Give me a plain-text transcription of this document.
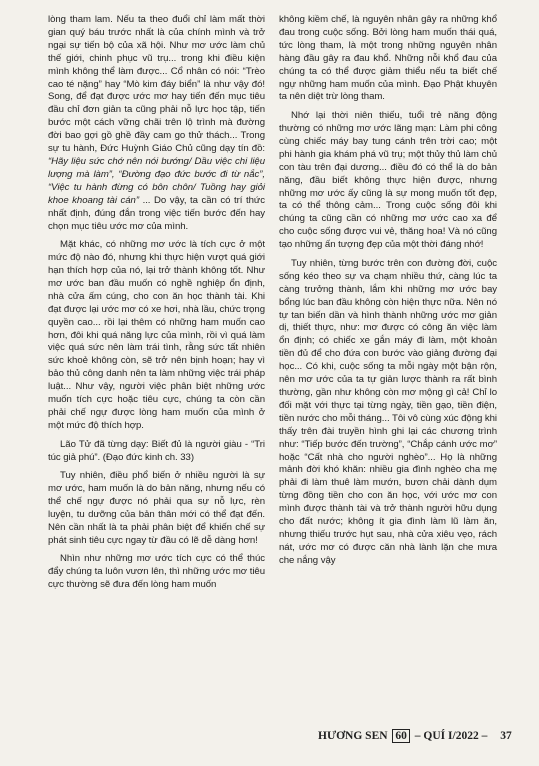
lòng tham lam. Nếu ta theo đuổi chỉ làm mất thời gian quý báu trước nhất là của chính mình và trở ngại sự tiến bộ của xã hội. Như mơ ước làm chủ thế giới, chinh phục vũ trụ... trong khi điều kiện mình không thể làm được... Cổ nhân có nói: “Trèo cao té nặng” hay “Mò kim đáy biển” là như vậy đó! Song, để đạt được ước mơ hay tiến đến mục tiêu đầu chỉ đơn giản ta cũng phải nỗ lực học tập, tiến bước một cách vững chãi trên lộ trình mà đường đời bao gợi gồ ghề đầy cam go thử thách... Trong sự tu hành, Đức Huỳnh Giáo Chủ cũng dạy tín đồ: “Hãy liệu sức chớ nên nói bướng/ Dầu việc chi liệu lượng mà làm”, “Đường đạo đức bước đi từ nắc”, “Việc tu hành đừng có bôn chôn/ Tuồng hay giỏi khoe khoang tài cán” ... Do vậy, ta cần có trí thức nhất định, đúng đắn trong việc tiến bước đến hay chọn mục tiêu ước mơ của mình.

Mặt khác, có những mơ ước là tích cực ở một mức độ nào đó, nhưng khi thực hiện vượt quá giới hạn thích hợp của nó, lại trở thành không tốt. Như mơ ước ban đầu muốn có nghề nghiệp ổn định, nhà cửa ấm cúng, cho con ăn học thành tài. Khi đạt được lại ước mơ có xe hơi, nhà lầu, chức trọng quyền cao... rồi lại thêm có những ham muốn cao hơn, đôi khi quá năng lực của mình, rồi vì quá làm việc quá sức nên làm trái tình, rằng sức tất nhiên sức khoẻ không còn, sẽ trở nên bịnh hoạn; hay vì bảo thủ công danh nên ta làm những việc trái pháp luật... Như vậy, người việc phân biệt những ước muốn tích cực hoặc tiêu cực, chúng ta còn cần phải chế ngự được lòng ham muốn của mình ở một mức độ thích hợp.

Lão Tử đã từng dạy: Biết đủ là người giàu - “Tri túc giả phú”. (Đạo đức kinh ch. 33)

Tuy nhiên, điều phổ biến ở nhiều người là sự mơ ước, ham muốn là do bản năng, nhưng nếu có thể chế ngự được nó phải qua sự nỗ lực, rèn luyện, tu dưỡng của bản thân mới có thể đạt đến. Nên cần nhất là ta phải phân biệt để khiến chế sự phát sinh tiêu cực ngay từ đầu có lẽ dễ dàng hơn!

Nhìn như những mơ ước tích cực có thể thúc đẩy chúng ta luôn vươn lên, thì những ước mơ tiêu cực thường sẽ đưa đến lòng ham muốn

không kiềm chế, là nguyên nhân gây ra những khổ đau trong cuộc sống. Bởi lòng ham muốn thái quá, tức lòng tham, là một trong những nguyên nhân hàng đầu gây ra đau khổ. Những nỗi khổ đau của chúng ta có thể được giảm thiểu nếu ta biết chế ngự những ham muốn của mình. Đạo Phật khuyên ta nên diệt trừ lòng tham.

Nhớ lại thời niên thiếu, tuổi trẻ năng động thường có những mơ ước lãng mạn: Làm phi công cùng chiếc máy bay tung cánh trên trời cao; một phi hành gia khám phá vũ trụ; một thủy thủ làm chủ con tàu trên đại dương... điều đó có thể là do bản năng, đầu biết không thực hiện được, nhưng những mơ ước ấy cũng là sự mong muốn tốt đẹp, ta có thể thông cảm... Trong cuộc sống đôi khi chúng ta cũng cần có những mơ ước cao xa để cho cuộc sống được vui vẻ, thăng hoa! Và nó cũng tạo những ấn tượng đẹp của một thời đáng nhớ!

Tuy nhiên, từng bước trên con đường đời, cuộc sống kéo theo sự va chạm nhiều thứ, càng lúc ta càng trưởng thành, lắm khi những mơ ước bay bổng lúc ban đầu không còn hiện thực nữa. Nên nó tự tan biến dần và hình thành những ước mơ giản dị, thiết thực, như: mơ được có công ăn việc làm ổn định; có chiếc xe gắn máy đi làm, một khoản tiền đủ để cho đứa con bước vào giảng đường đại học... Có khi, cuộc sống ta mỗi ngày một bận rộn, nên mơ ước của ta tự giản lược thành ra rất bình thường, gần như không còn mơ mộng gì cả! Chỉ lo đối mặt với thực tại từng ngày, tiền gạo, tiền điện, tiền nước cho mỗi tháng... Tôi vô cùng xúc động khi thấy trên đài truyền hình ghi lại các chương trình như: “Tiếp bước đến trường”, “Chắp cánh ước mơ” hoặc “Cất nhà cho người nghèo”... Họ là những mảnh đời khó khăn: nhiều gia đình nghèo cha mẹ phải đi làm thuê làm mướn, bươn chải dành dụm từng đồng tiền cho con ăn học, với ước mơ con mình được thành tài và trở thành người hữu dụng cho đất nước; không ít gia đình làm lũ làm ăn, nhưng thiếu trước hụt sau, nhà cửa xiêu vẹo, rách nát, ước mơ có được căn nhà lành lặn che mưa che nắng vậy

HƯƠNG SEN 60 – QUÍ I/2022 – 37
